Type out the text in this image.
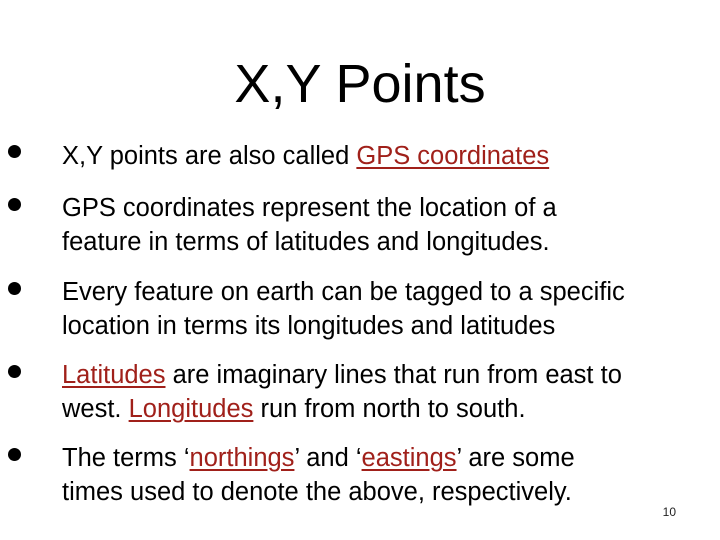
X,Y Points
X,Y points are also called GPS coordinates
GPS coordinates represent the location of a
feature in terms of latitudes and longitudes.
Every feature on earth can be tagged to a specific
location in terms its longitudes and latitudes
Latitudes are imaginary lines that run from east to
west. Longitudes run from north to south.
The terms ‘northings’ and ‘eastings’ are some
times used to denote the above, respectively.
10
